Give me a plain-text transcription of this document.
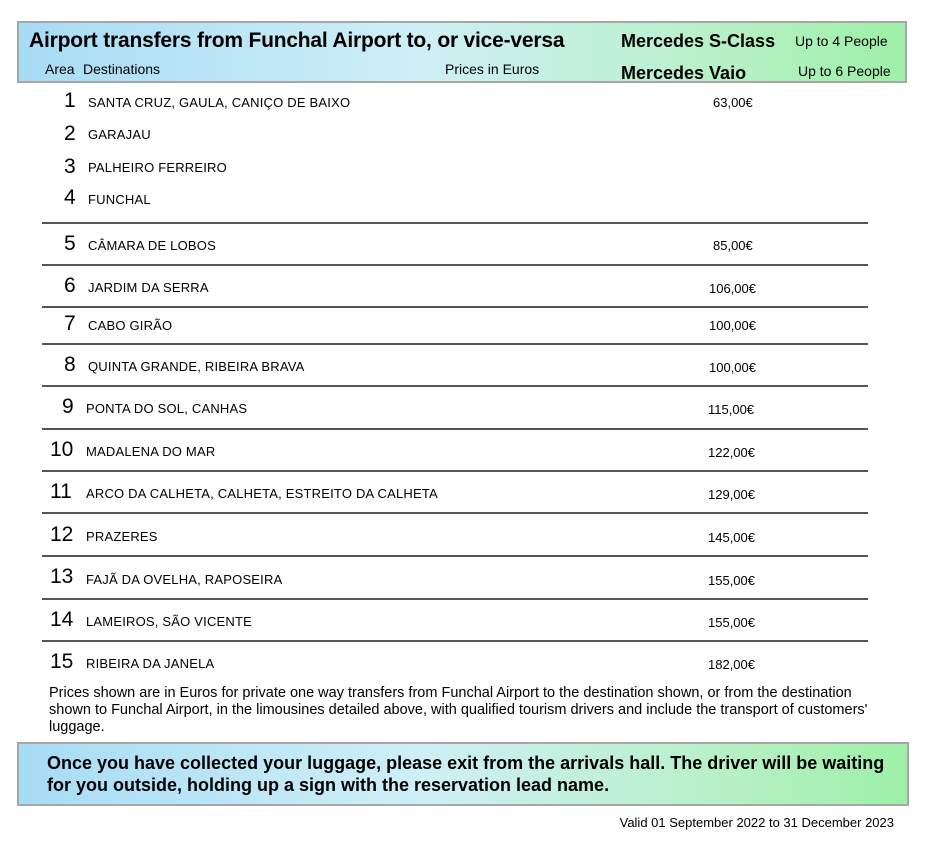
Airport transfers from Funchal Airport to, or vice-versa
Area Destinations	Prices in Euros
Mercedes S-Class Up to 4 People
Mercedes Vaio	Up to 6 People
1 SANTA CRUZ, GAULA, CANIÇO DE BAIXO	63,00€
2 GARAJAU
3 PALHEIRO FERREIRO
4 FUNCHAL
5 CÂMARA DE LOBOS	85,00€
6 JARDIM DA SERRA	106,00€
7 CABO GIRÃO	100,00€
8 QUINTA GRANDE, RIBEIRA BRAVA	100,00€
9 PONTA DO SOL, CANHAS	115,00€
10 MADALENA DO MAR	122,00€
11 ARCO DA CALHETA, CALHETA, ESTREITO DA CALHETA	129,00€
12 PRAZERES	145,00€
13 FAJÃ DA OVELHA, RAPOSEIRA	155,00€
14 LAMEIROS, SÃO VICENTE	155,00€
15 RIBEIRA DA JANELA	182,00€
Prices shown are in Euros for private one way transfers from Funchal Airport to the destination shown, or from the destination shown to Funchal Airport, in the limousines detailed above, with qualified tourism drivers and include the transport of customers' luggage.
Once you have collected your luggage, please exit from the arrivals hall. The driver will be waiting for you outside, holding up a sign with the reservation lead name.
Valid 01 September 2022 to 31 December 2023
